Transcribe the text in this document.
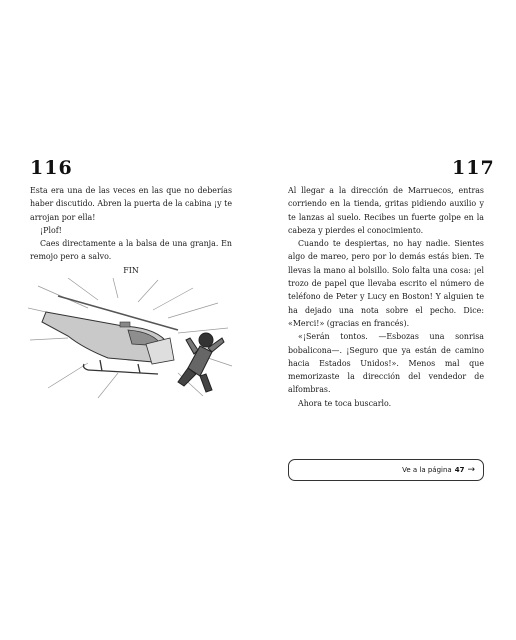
116	117

Esta era una de las veces en las que no deberías haber discutido. Abren la puerta de la cabina ¡y te arrojan por ella!

¡Plof!

Caes directamente a la balsa de una granja. En remojo pero a salvo.

FIN

Al llegar a la dirección de Marruecos, entras corriendo en la tienda, gritas pidiendo auxilio y te lanzas al suelo. Recibes un fuerte golpe en la cabeza y pierdes el conocimiento.

Cuando te despiertas, no hay nadie. Sientes algo de mareo, pero por lo demás estás bien. Te llevas la mano al bolsillo. Solo falta una cosa: ¡el trozo de papel que llevaba escrito el número de teléfono de Peter y Lucy en Boston! Y alguien te ha dejado una nota sobre el pecho. Dice: «Merci!» (gracias en francés).

«¡Serán tontos. —Esbozas una sonrisa bobalicona—. ¡Seguro que ya están de camino hacia Estados Unidos!». Menos mal que memorizaste la dirección del vendedor de alfombras.

Ahora te toca buscarlo.

Ve a la página 47 →
